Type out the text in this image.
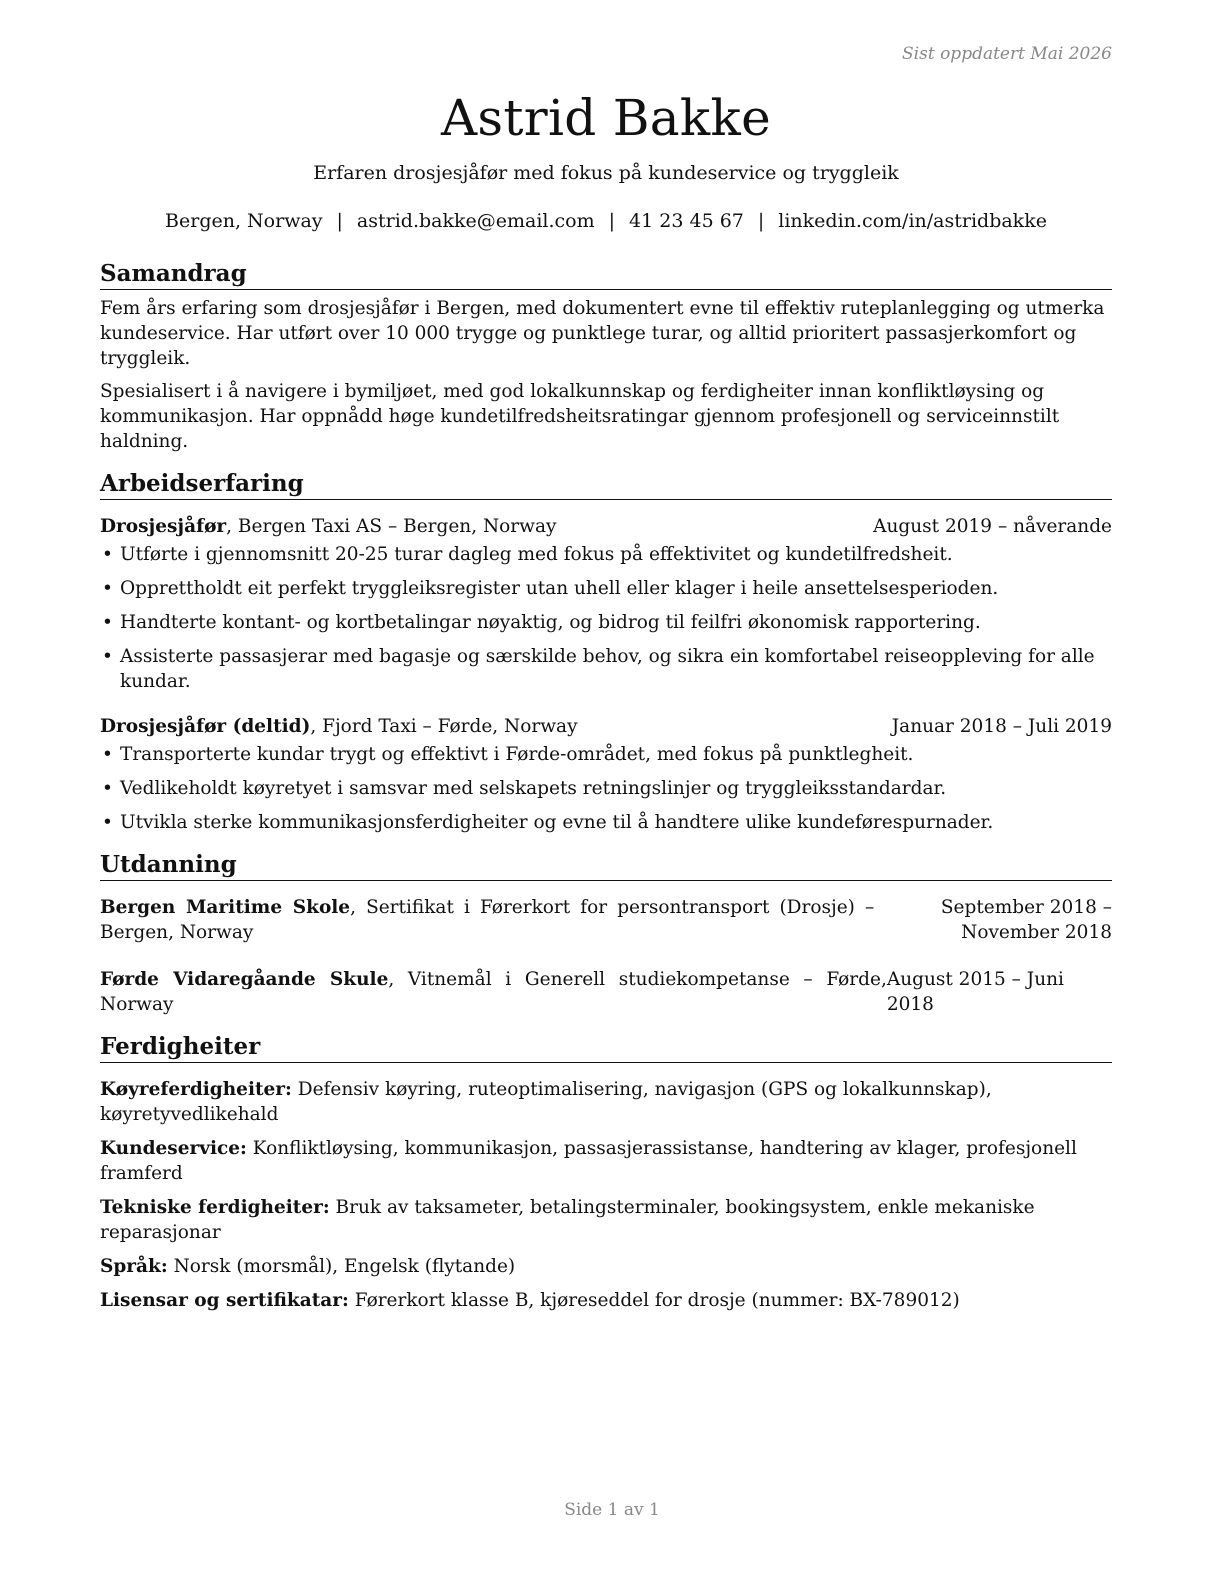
Sist oppdatert Mai 2026
Astrid Bakke
Erfaren drosjesjåfør med fokus på kundeservice og tryggleik
Bergen, Norway | astrid.bakke@email.com | 41 23 45 67 | linkedin.com/in/astridbakke
Samandrag
Fem års erfaring som drosjesjåfør i Bergen, med dokumentert evne til effektiv ruteplanlegging og utmerka kundeservice. Har utført over 10 000 trygge og punktlege turar, og alltid prioritert passasjerkomfort og tryggleik.
Spesialisert i å navigere i bymiljøet, med god lokalkunnskap og ferdigheiter innan konfliktløysing og kommunikasjon. Har oppnådd høge kundetilfredsheitsratingar gjennom profesjonell og serviceinnstilt haldning.
Arbeidserfaring
Drosjesjåfør, Bergen Taxi AS – Bergen, Norway	August 2019 – nåverande
• Utførte i gjennomsnitt 20-25 turar dagleg med fokus på effektivitet og kundetilfredsheit.
• Opprettholdt eit perfekt tryggleiksregister utan uhell eller klager i heile ansettelsesperioden.
• Handterte kontant- og kortbetalingar nøyaktig, og bidrog til feilfri økonomisk rapportering.
• Assisterte passasjerar med bagasje og særskilde behov, og sikra ein komfortabel reiseoppleving for alle kundar.
Drosjesjåfør (deltid), Fjord Taxi – Førde, Norway	Januar 2018 – Juli 2019
• Transporterte kundar trygt og effektivt i Førde-området, med fokus på punktlegheit.
• Vedlikeholdt køyretyet i samsvar med selskapets retningslinjer og tryggleiksstandardar.
• Utvikla sterke kommunikasjonsferdigheiter og evne til å handtere ulike kundeførespurnader.
Utdanning
Bergen Maritime Skole, Sertifikat i Førerkort for persontransport (Drosje) – Bergen, Norway
September 2018 – November 2018
Førde Vidaregåande Skule, Vitnemål i Generell studiekompetanse – Førde, Norway
August 2015 – Juni 2018
Ferdigheiter
Køyreferdigheiter: Defensiv køyring, ruteoptimalisering, navigasjon (GPS og lokalkunnskap), køyretyvedlikehald
Kundeservice: Konfliktløysing, kommunikasjon, passasjerassistanse, handtering av klager, profesjonell framferd
Tekniske ferdigheiter: Bruk av taksameter, betalingsterminaler, bookingsystem, enkle mekaniske reparasjonar
Språk: Norsk (morsmål), Engelsk (flytande)
Lisensar og sertifikatar: Førerkort klasse B, kjøreseddel for drosje (nummer: BX-789012)
Side 1 av 1
